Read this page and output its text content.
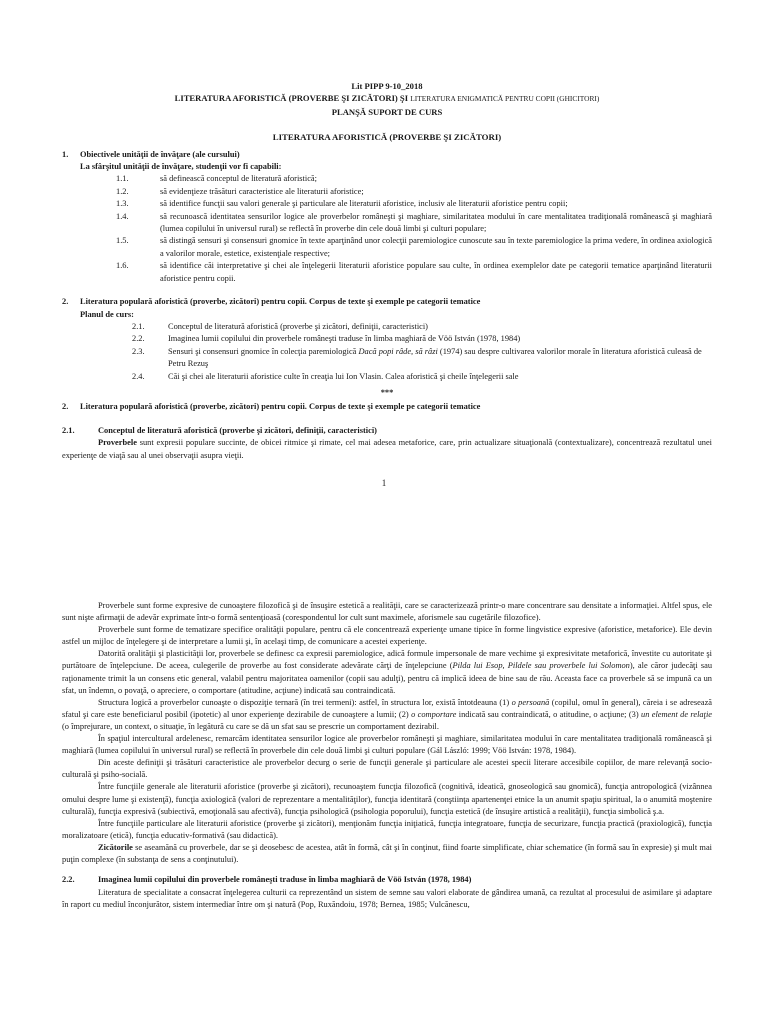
Lit PIPP 9-10_2018
LITERATURA AFORISTICĂ (PROVERBE ŞI ZICĂTORI) ŞI LITERATURA ENIGMATICĂ PENTRU COPII (GHICITORI)
PLANŞĂ SUPORT DE CURS
LITERATURA AFORISTICĂ (PROVERBE ŞI ZICĂTORI)
1. Obiectivele unităţii de învăţare (ale cursului)
La sfârşitul unităţii de învăţare, studenţii vor fi capabili:
1.1.	să definească conceptul de literatură aforistică;
1.2.	să evidenţieze trăsături caracteristice ale literaturii aforistice;
1.3.	să identifice funcţii sau valori generale şi particulare ale literaturii aforistice, inclusiv ale literaturii aforistice pentru copii;
1.4.	să recunoască identitatea sensurilor logice ale proverbelor româneşti şi maghiare, similaritatea modului în care mentalitatea tradiţională românească şi maghiară (lumea copilului în universul rural) se reflectă în proverbe din cele două limbi şi culturi populare;
1.5.	să distingă sensuri şi consensuri gnomice în texte aparţinând unor colecţii paremiologice cunoscute sau în texte paremiologice la prima vedere, în ordinea axiologică a valorilor morale, estetice, existenţiale respective;
1.6.	să identifice căi interpretative şi chei ale înţelegerii literaturii aforistice populare sau culte, în ordinea exemplelor date pe categorii tematice aparţinând literaturii aforistice pentru copii.
2. Literatura populară aforistică (proverbe, zicători) pentru copii. Corpus de texte şi exemple pe categorii tematice
Planul de curs:
2.1.	Conceptul de literatură aforistică (proverbe şi zicători, definiţii, caracteristici)
2.2.	Imaginea lumii copilului din proverbele româneşti traduse în limba maghiară de Vöö István (1978, 1984)
2.3.	Sensuri şi consensuri gnomice în colecţia paremiologică Dacă popi râde, să râzi (1974) sau despre cultivarea valorilor morale în literatura aforistică culeasă de Petru Rezuş
2.4.	Căi şi chei ale literaturii aforistice culte în creaţia lui Ion Vlasin. Calea aforistică şi cheile înţelegerii sale
***
2. Literatura populară aforistică (proverbe, zicători) pentru copii. Corpus de texte şi exemple pe categorii tematice
2.1.	Conceptul de literatură aforistică (proverbe şi zicători, definiţii, caracteristici)
Proverbele sunt expresii populare succinte, de obicei ritmice şi rimate, cel mai adesea metaforice, care, prin actualizare situaţională (contextualizare), concentrează rezultatul unei experienţe de viaţă sau al unei observaţii asupra vieţii.
1
Proverbele sunt forme expresive de cunoaştere filozofică şi de însuşire estetică a realităţii, care se caracterizează printr-o mare concentrare sau densitate a informaţiei. Altfel spus, ele sunt nişte afirmaţii de adevăr exprimate într-o formă sentenţioasă (corespondentul lor cult sunt maximele, aforismele sau cugetările filozofice).
Proverbele sunt forme de tematizare specifice oralităţii populare, pentru că ele concentrează experienţe umane tipice în forme lingvistice expresive (aforistice, metaforice). Ele devin astfel un mijloc de înţelegere şi de interpretare a lumii şi, în acelaşi timp, de comunicare a acestei experienţe.
Datorită oralităţii şi plasticităţii lor, proverbele se definesc ca expresii paremiologice, adică formule impersonale de mare vechime şi expresivitate metaforică, învestite cu autoritate şi purtătoare de înţelepciune. De aceea, culegerile de proverbe au fost considerate adevărate cărţi de înţelepciune (Pilda lui Esop, Pildele sau proverbele lui Solomon), ale căror judecăţi sau raţionamente trimit la un consens etic general, valabil pentru majoritatea oamenilor (copii sau adulţi), pentru că implică ideea de bine sau de rău. Aceasta face ca proverbele să se impună ca un sfat, un îndemn, o povaţă, o apreciere, o comportare (atitudine, acţiune) indicată sau contraindicată.
Structura logică a proverbelor cunoaşte o dispoziţie ternară (în trei termeni): astfel, în structura lor, există întotdeauna (1) o persoană (copilul, omul în general), căreia i se adresează sfatul şi care este beneficiarul posibil (ipotetic) al unor experienţe dezirabile de cunoaştere a lumii; (2) o comportare indicată sau contraindicată, o atitudine, o acţiune; (3) un element de relaţie (o împrejurare, un context, o situaţie, în legătură cu care se dă un sfat sau se prescrie un comportament dezirabil.
În spaţiul intercultural ardelenesc, remarcăm identitatea sensurilor logice ale proverbelor româneşti şi maghiare, similaritatea modului în care mentalitatea tradiţională românească şi maghiară (lumea copilului în universul rural) se reflectă în proverbele din cele două limbi şi culturi populare (Gál László: 1999; Vöö István: 1978, 1984).
Din aceste definiţii şi trăsături caracteristice ale proverbelor decurg o serie de funcţii generale şi particulare ale acestei specii literare accesibile copiilor, de mare relevanţă socio-culturală şi psiho-socială.
Între funcţiile generale ale literaturii aforistice (proverbe şi zicători), recunoaştem funcţia filozofică (cognitivă, ideatică, gnoseologică sau gnomică), funcţia antropologică (vizânnea omului despre lume şi existenţă), funcţia axiologică (valori de reprezentare a mentalităţilor), funcţia identitară (conştiinţa apartenenţei etnice la un anumit spaţiu spiritual, la o anumită moştenire culturală), funcţia expresivă (subiectivă, emoţională sau afectivă), funcţia psihologică (psihologia poporului), funcţia estetică (de însuşire artistică a realităţii), funcţia simbolică ş.a.
Între funcţiile particulare ale literaturii aforistice (proverbe şi zicători), menţionăm funcţia iniţiatică, funcţia integratoare, funcţia de securizare, funcţia practică (praxiologică), funcţia moralizatoare (etică), funcţia educativ-formativă (sau didactică).
Zicătorile se aseamănă cu proverbele, dar se şi deosebesc de acestea, atât în formă, cât şi în conţinut, fiind foarte simplificate, chiar schematice (în formă sau în expresie) şi mult mai puţin complexe (în substanţa de sens a conţinutului).
2.2.	Imaginea lumii copilului din proverbele româneşti traduse în limba maghiară de Vöö István (1978, 1984)
Literatura de specialitate a consacrat înţelegerea culturii ca reprezentând un sistem de semne sau valori elaborate de gândirea umană, ca rezultat al procesului de asimilare şi adaptare în raport cu mediul înconjurător, sistem intermediar între om şi natură (Pop, Ruxăndoiu, 1978; Bernea, 1985; Vulcănescu,
